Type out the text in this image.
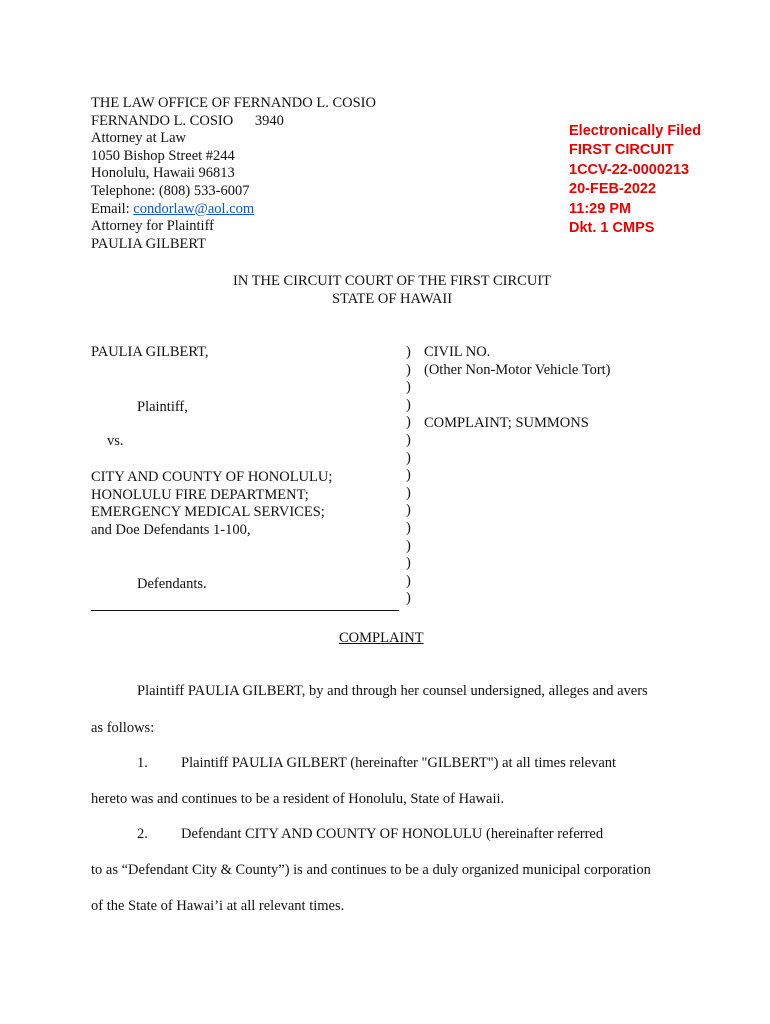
THE LAW OFFICE OF FERNANDO L. COSIO
FERNANDO L. COSIO 3940
Attorney at Law
1050 Bishop Street #244
Honolulu, Hawaii 96813
Telephone: (808) 533-6007
Email: condorlaw@aol.com
Attorney for Plaintiff
PAULIA GILBERT
Electronically Filed
FIRST CIRCUIT
1CCV-22-0000213
20-FEB-2022
11:29 PM
Dkt. 1 CMPS
IN THE CIRCUIT COURT OF THE FIRST CIRCUIT
STATE OF HAWAII
PAULIA GILBERT,
Plaintiff,
vs.
CITY AND COUNTY OF HONOLULU;
HONOLULU FIRE DEPARTMENT;
EMERGENCY MEDICAL SERVICES;
and Doe Defendants 1-100,
Defendants.
)
)
)
)
)
)
)
)
)
)
)
)
)
)
)
CIVIL NO.
(Other Non-Motor Vehicle Tort)
COMPLAINT; SUMMONS
COMPLAINT
Plaintiff PAULIA GILBERT, by and through her counsel undersigned, alleges and avers
as follows:
1. Plaintiff PAULIA GILBERT (hereinafter "GILBERT") at all times relevant
hereto was and continues to be a resident of Honolulu, State of Hawaii.
2. Defendant CITY AND COUNTY OF HONOLULU (hereinafter referred
to as “Defendant City & County”) is and continues to be a duly organized municipal corporation
of the State of Hawai’i at all relevant times.
